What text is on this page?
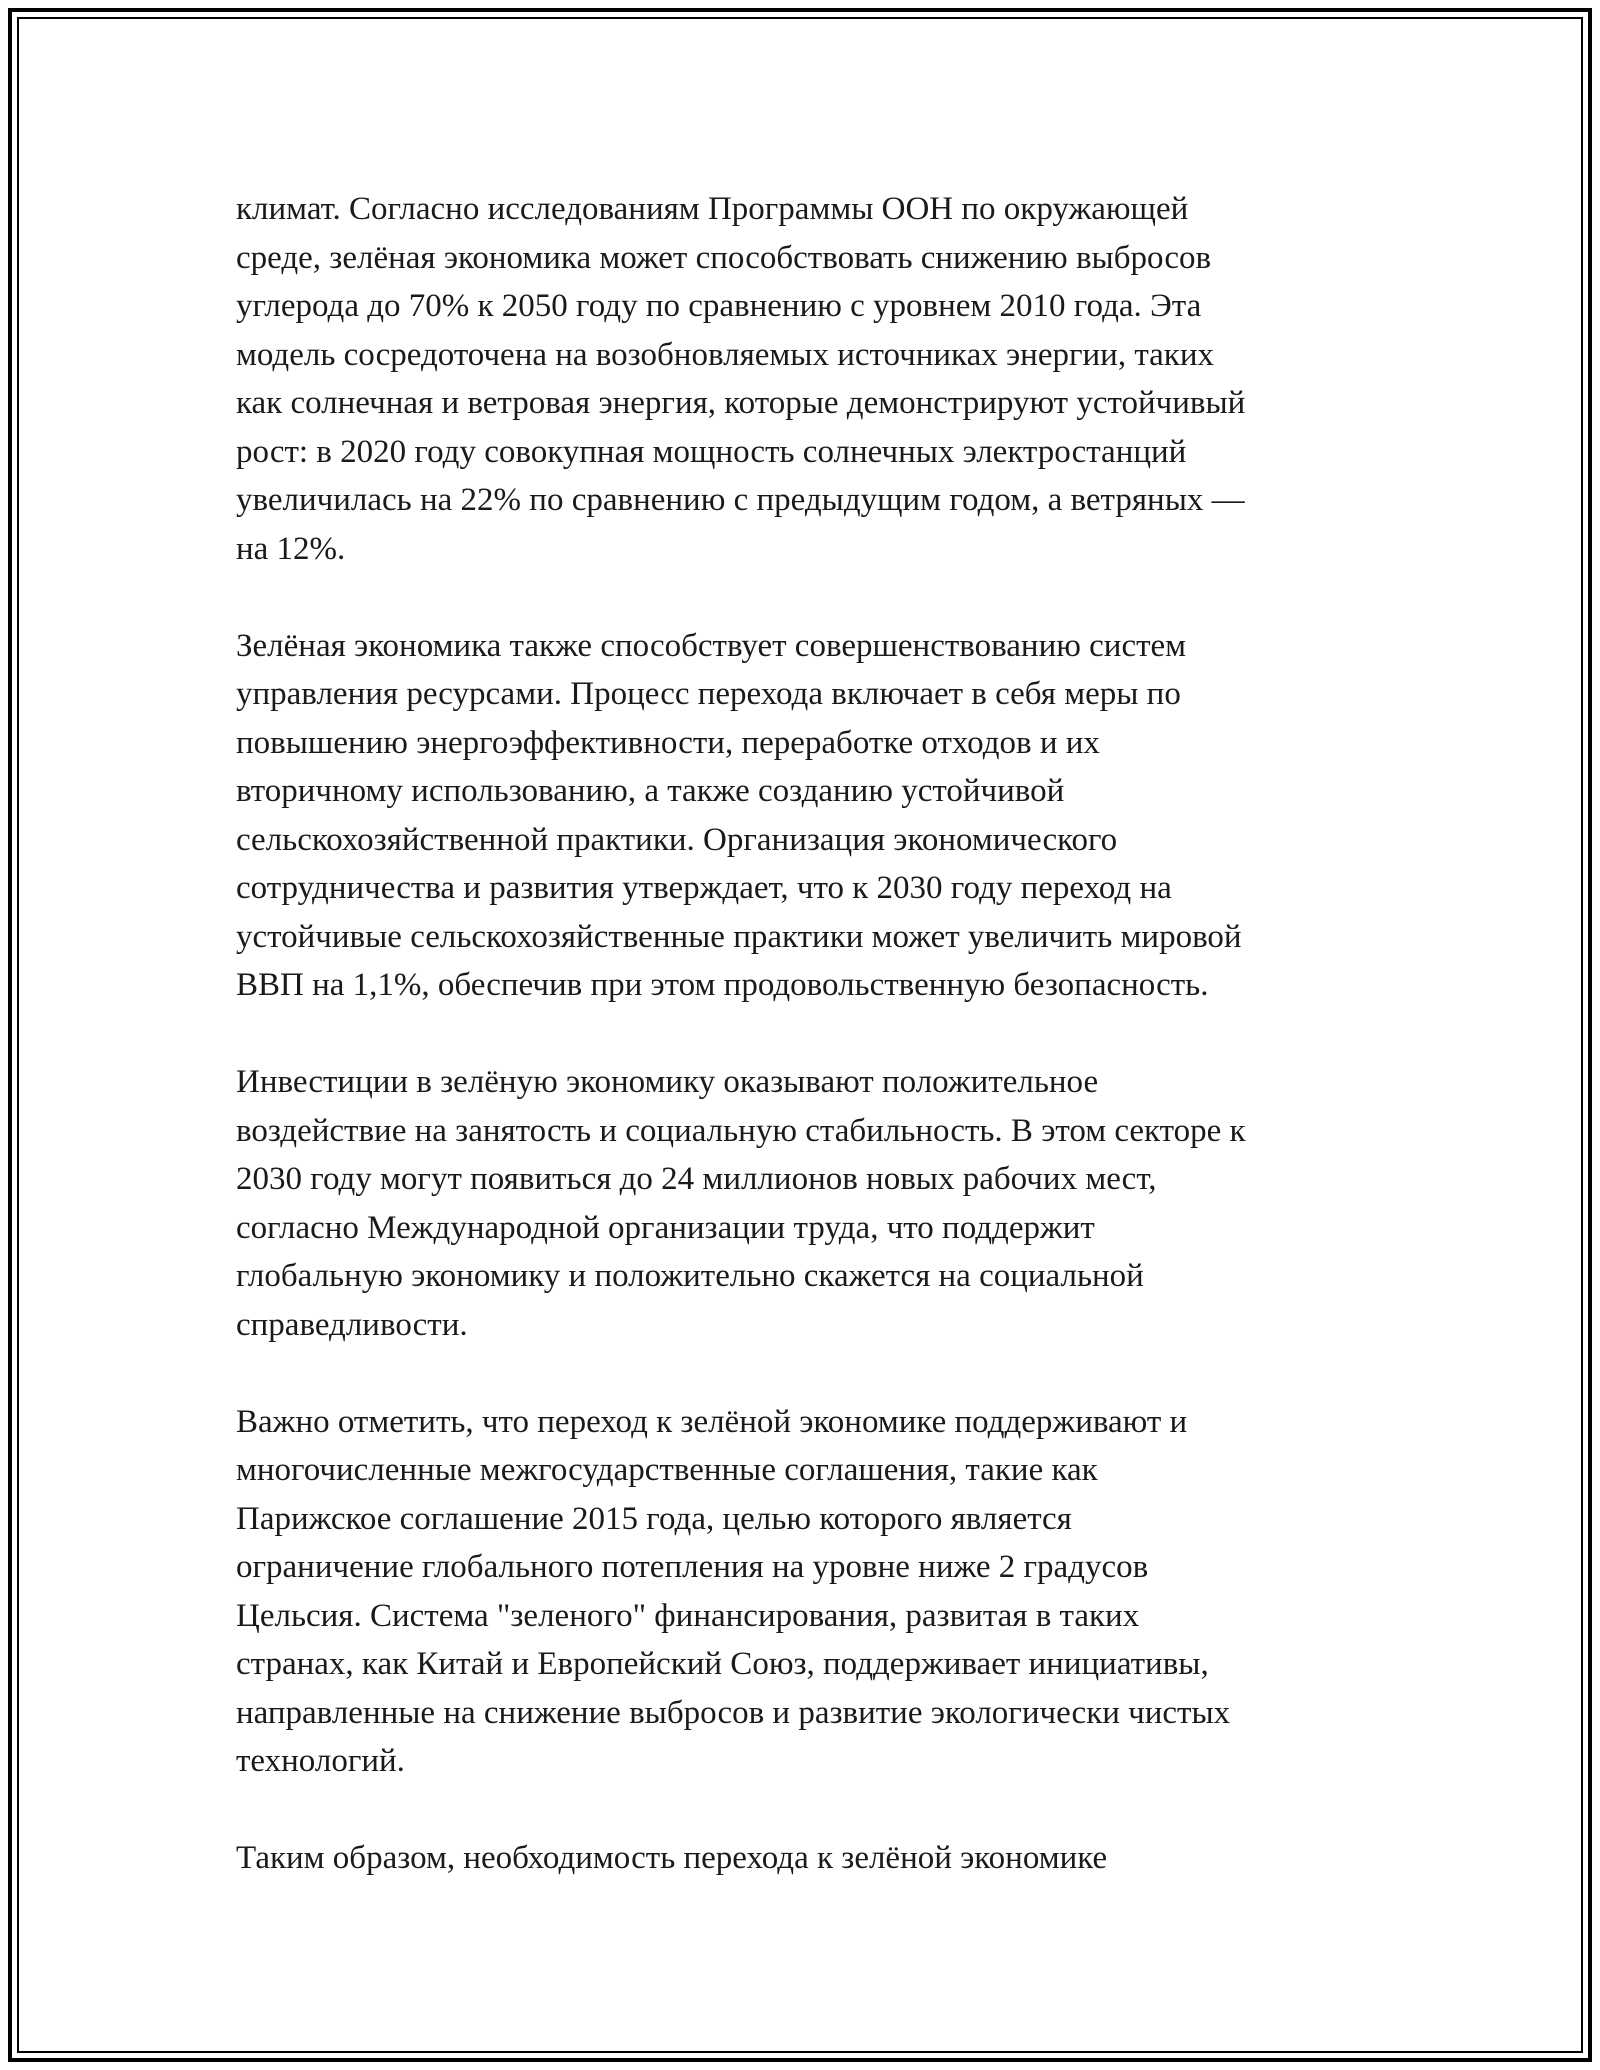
климат. Согласно исследованиям Программы ООН по окружающей
среде, зелёная экономика может способствовать снижению выбросов
углерода до 70% к 2050 году по сравнению с уровнем 2010 года. Эта
модель сосредоточена на возобновляемых источниках энергии, таких
как солнечная и ветровая энергия, которые демонстрируют устойчивый
рост: в 2020 году совокупная мощность солнечных электростанций
увеличилась на 22% по сравнению с предыдущим годом, а ветряных —
на 12%.

Зелёная экономика также способствует совершенствованию систем
управления ресурсами. Процесс перехода включает в себя меры по
повышению энергоэффективности, переработке отходов и их
вторичному использованию, а также созданию устойчивой
сельскохозяйственной практики. Организация экономического
сотрудничества и развития утверждает, что к 2030 году переход на
устойчивые сельскохозяйственные практики может увеличить мировой
ВВП на 1,1%, обеспечив при этом продовольственную безопасность.

Инвестиции в зелёную экономику оказывают положительное
воздействие на занятость и социальную стабильность. В этом секторе к
2030 году могут появиться до 24 миллионов новых рабочих мест,
согласно Международной организации труда, что поддержит
глобальную экономику и положительно скажется на социальной
справедливости.

Важно отметить, что переход к зелёной экономике поддерживают и
многочисленные межгосударственные соглашения, такие как
Парижское соглашение 2015 года, целью которого является
ограничение глобального потепления на уровне ниже 2 градусов
Цельсия. Система "зеленого" финансирования, развитая в таких
странах, как Китай и Европейский Союз, поддерживает инициативы,
направленные на снижение выбросов и развитие экологически чистых
технологий.

Таким образом, необходимость перехода к зелёной экономике
